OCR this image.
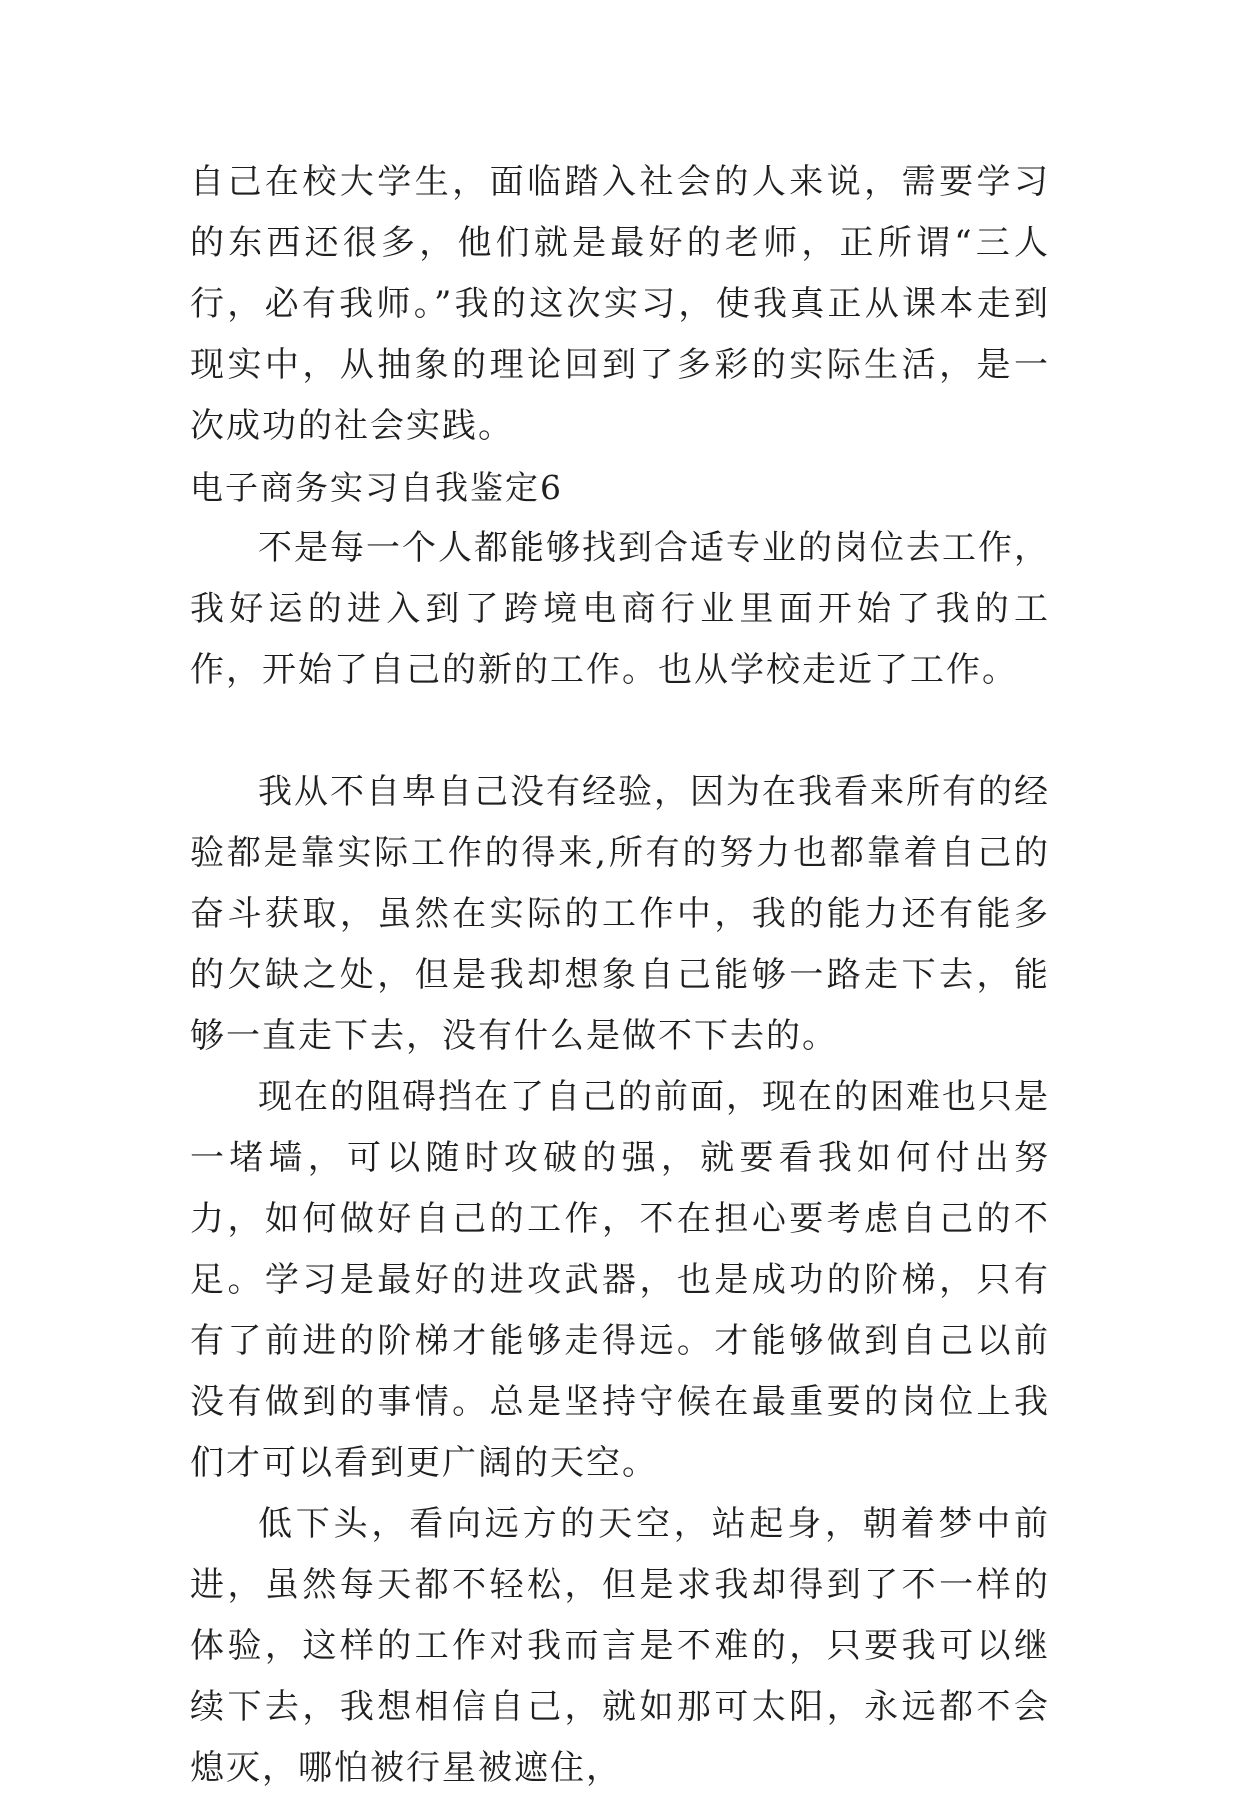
自己在校大学生，面临踏入社会的人来说，需要学习的东西还很多，他们就是最好的老师，正所谓“三人行，必有我师。”我的这次实习，使我真正从课本走到现实中，从抽象的理论回到了多彩的实际生活，是一次成功的社会实践。

电子商务实习自我鉴定6

不是每一个人都能够找到合适专业的岗位去工作，我好运的进入到了跨境电商行业里面开始了我的工作，开始了自己的新的工作。也从学校走近了工作。

我从不自卑自己没有经验，因为在我看来所有的经验都是靠实际工作的得来,所有的努力也都靠着自己的奋斗获取，虽然在实际的工作中，我的能力还有能多的欠缺之处，但是我却想象自己能够一路走下去，能够一直走下去，没有什么是做不下去的。

现在的阻碍挡在了自己的前面，现在的困难也只是一堵墙，可以随时攻破的强，就要看我如何付出努力，如何做好自己的工作，不在担心要考虑自己的不足。学习是最好的进攻武器，也是成功的阶梯，只有有了前进的阶梯才能够走得远。才能够做到自己以前没有做到的事情。总是坚持守候在最重要的岗位上我们才可以看到更广阔的天空。

低下头，看向远方的天空，站起身，朝着梦中前进，虽然每天都不轻松，但是求我却得到了不一样的体验，这样的工作对我而言是不难的，只要我可以继续下去，我想相信自己，就如那可太阳，永远都不会熄灭，哪怕被行星被遮住，
